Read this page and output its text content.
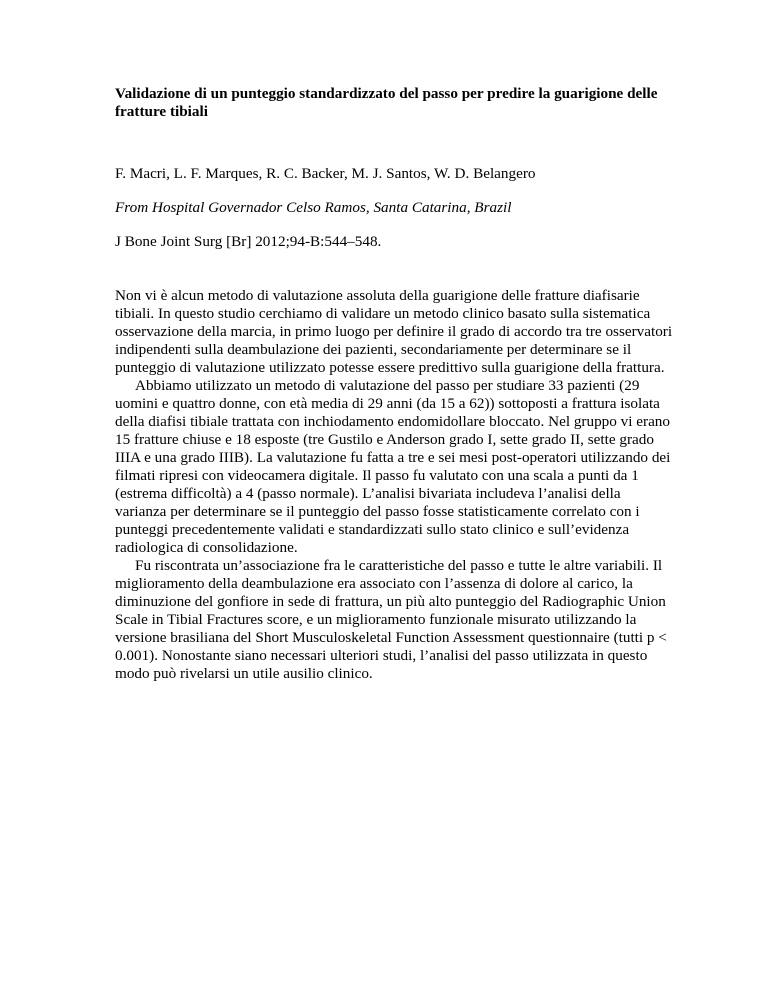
Validazione di un punteggio standardizzato del passo per predire la guarigione delle fratture tibiali

F. Macri, L. F. Marques, R. C. Backer, M. J. Santos, W. D. Belangero

From Hospital Governador Celso Ramos, Santa Catarina, Brazil

J Bone Joint Surg [Br] 2012;94-B:544–548.

Non vi è alcun metodo di valutazione assoluta della guarigione delle fratture diafisarie tibiali. In questo studio cerchiamo di validare un metodo clinico basato sulla sistematica osservazione della marcia, in primo luogo per definire il grado di accordo tra tre osservatori indipendenti sulla deambulazione dei pazienti, secondariamente per determinare se il punteggio di valutazione utilizzato potesse essere predittivo sulla guarigione della frattura.

Abbiamo utilizzato un metodo di valutazione del passo per studiare 33 pazienti (29 uomini e quattro donne, con età media di 29 anni (da 15 a 62)) sottoposti a frattura isolata della diafisi tibiale trattata con inchiodamento endomidollare bloccato. Nel gruppo vi erano 15 fratture chiuse e 18 esposte (tre Gustilo e Anderson grado I, sette grado II, sette grado IIIA e una grado IIIB). La valutazione fu fatta a tre e sei mesi post-operatori utilizzando dei filmati ripresi con videocamera digitale. Il passo fu valutato con una scala a punti da 1 (estrema difficoltà) a 4 (passo normale). L’analisi bivariata includeva l’analisi della varianza per determinare se il punteggio del passo fosse statisticamente correlato con i punteggi precedentemente validati e standardizzati sullo stato clinico e sull’evidenza radiologica di consolidazione.

Fu riscontrata un’associazione fra le caratteristiche del passo e tutte le altre variabili. Il miglioramento della deambulazione era associato con l’assenza di dolore al carico, la diminuzione del gonfiore in sede di frattura, un più alto punteggio del Radiographic Union Scale in Tibial Fractures score, e un miglioramento funzionale misurato utilizzando la versione brasiliana del Short Musculoskeletal Function Assessment questionnaire (tutti p < 0.001). Nonostante siano necessari ulteriori studi, l’analisi del passo utilizzata in questo modo può rivelarsi un utile ausilio clinico.
